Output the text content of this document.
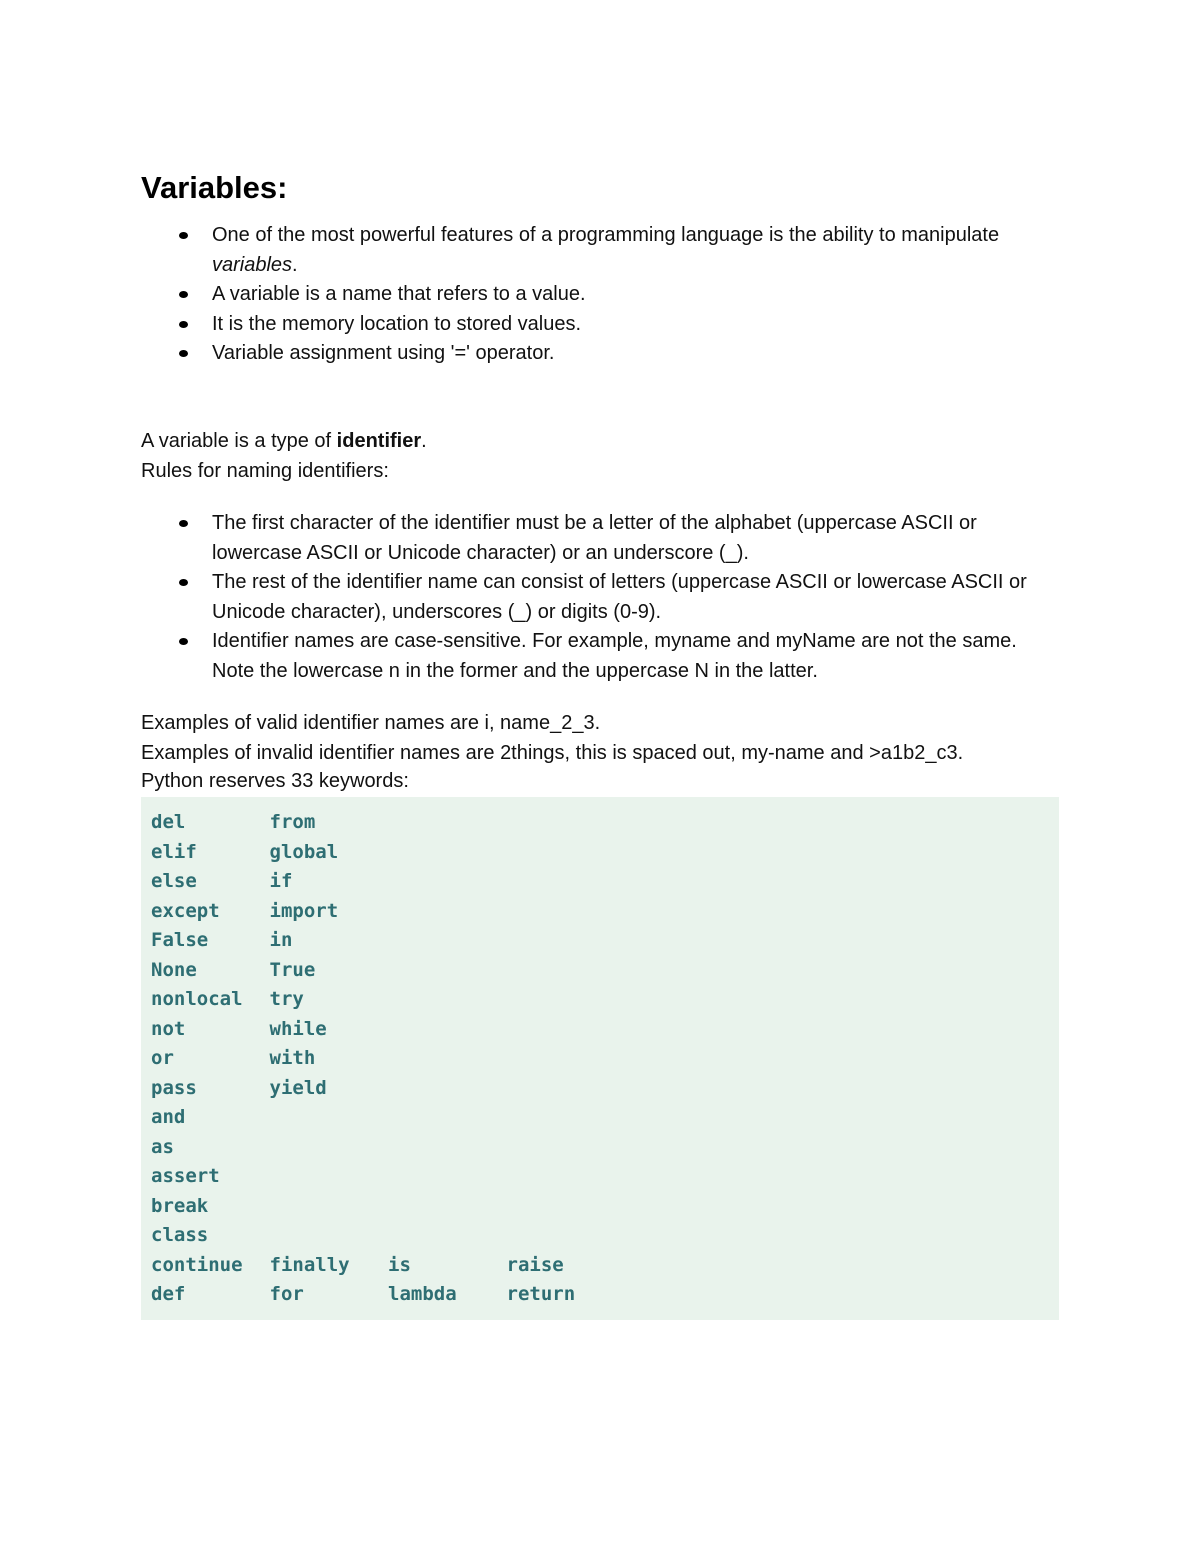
Variables:
One of the most powerful features of a programming language is the ability to manipulate variables.
A variable is a name that refers to a value.
It is the memory location to stored values.
Variable assignment using '=' operator.
A variable is a type of identifier.
Rules for naming identifiers:
The first character of the identifier must be a letter of the alphabet (uppercase ASCII or lowercase ASCII or Unicode character) or an underscore (_).
The rest of the identifier name can consist of letters (uppercase ASCII or lowercase ASCII or Unicode character), underscores (_) or digits (0-9).
Identifier names are case-sensitive. For example, myname and myName are not the same. Note the lowercase n in the former and the uppercase N in the latter.
Examples of valid identifier names are i, name_2_3.
Examples of invalid identifier names are 2things, this is spaced out, my-name and >a1b2_c3.
Python reserves 33 keywords:
del	from
elif	global
else	if
except	import
False	in
None	True
nonlocal try
not	while
or	with
pass	yield
and
as
assert
break
class
continue finally is	raise
def	for	lambda	return
